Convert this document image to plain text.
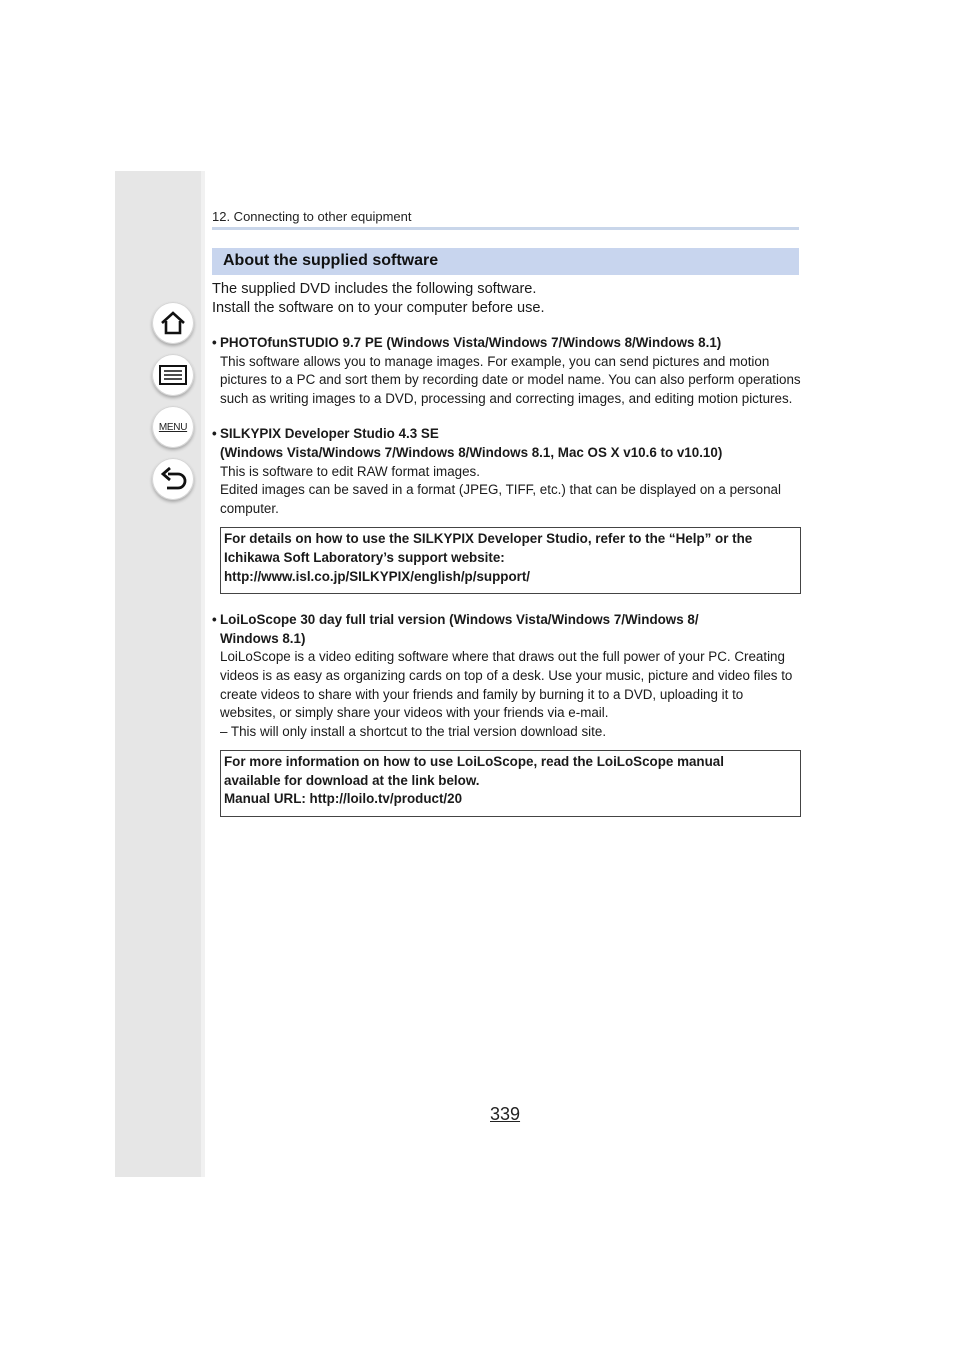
MENU
12. Connecting to other equipment
About the supplied software
The supplied DVD includes the following software.
Install the software on to your computer before use.
• PHOTOfunSTUDIO 9.7 PE (Windows Vista/Windows 7/Windows 8/Windows 8.1)

This software allows you to manage images. For example, you can send pictures and motion pictures to a PC and sort them by recording date or model name. You can also perform operations such as writing images to a DVD, processing and correcting images, and editing motion pictures.

• SILKYPIX Developer Studio 4.3 SE
(Windows Vista/Windows 7/Windows 8/Windows 8.1, Mac OS X v10.6 to v10.10)

This is software to edit RAW format images.

Edited images can be saved in a format (JPEG, TIFF, etc.) that can be displayed on a personal computer.

For details on how to use the SILKYPIX Developer Studio, refer to the “Help” or the
Ichikawa Soft Laboratory’s support website:
http://www.isl.co.jp/SILKYPIX/english/p/support/
• LoiLoScope 30 day full trial version (Windows Vista/Windows 7/Windows 8/
Windows 8.1)

LoiLoScope is a video editing software where that draws out the full power of your PC. Creating videos is as easy as organizing cards on top of a desk. Use your music, picture and video files to create videos to share with your friends and family by burning it to a DVD, uploading it to websites, or simply share your videos with your friends via e-mail.

– This will only install a shortcut to the trial version download site.

For more information on how to use LoiLoScope, read the LoiLoScope manual
available for download at the link below.
Manual URL: http://loilo.tv/product/20
339
